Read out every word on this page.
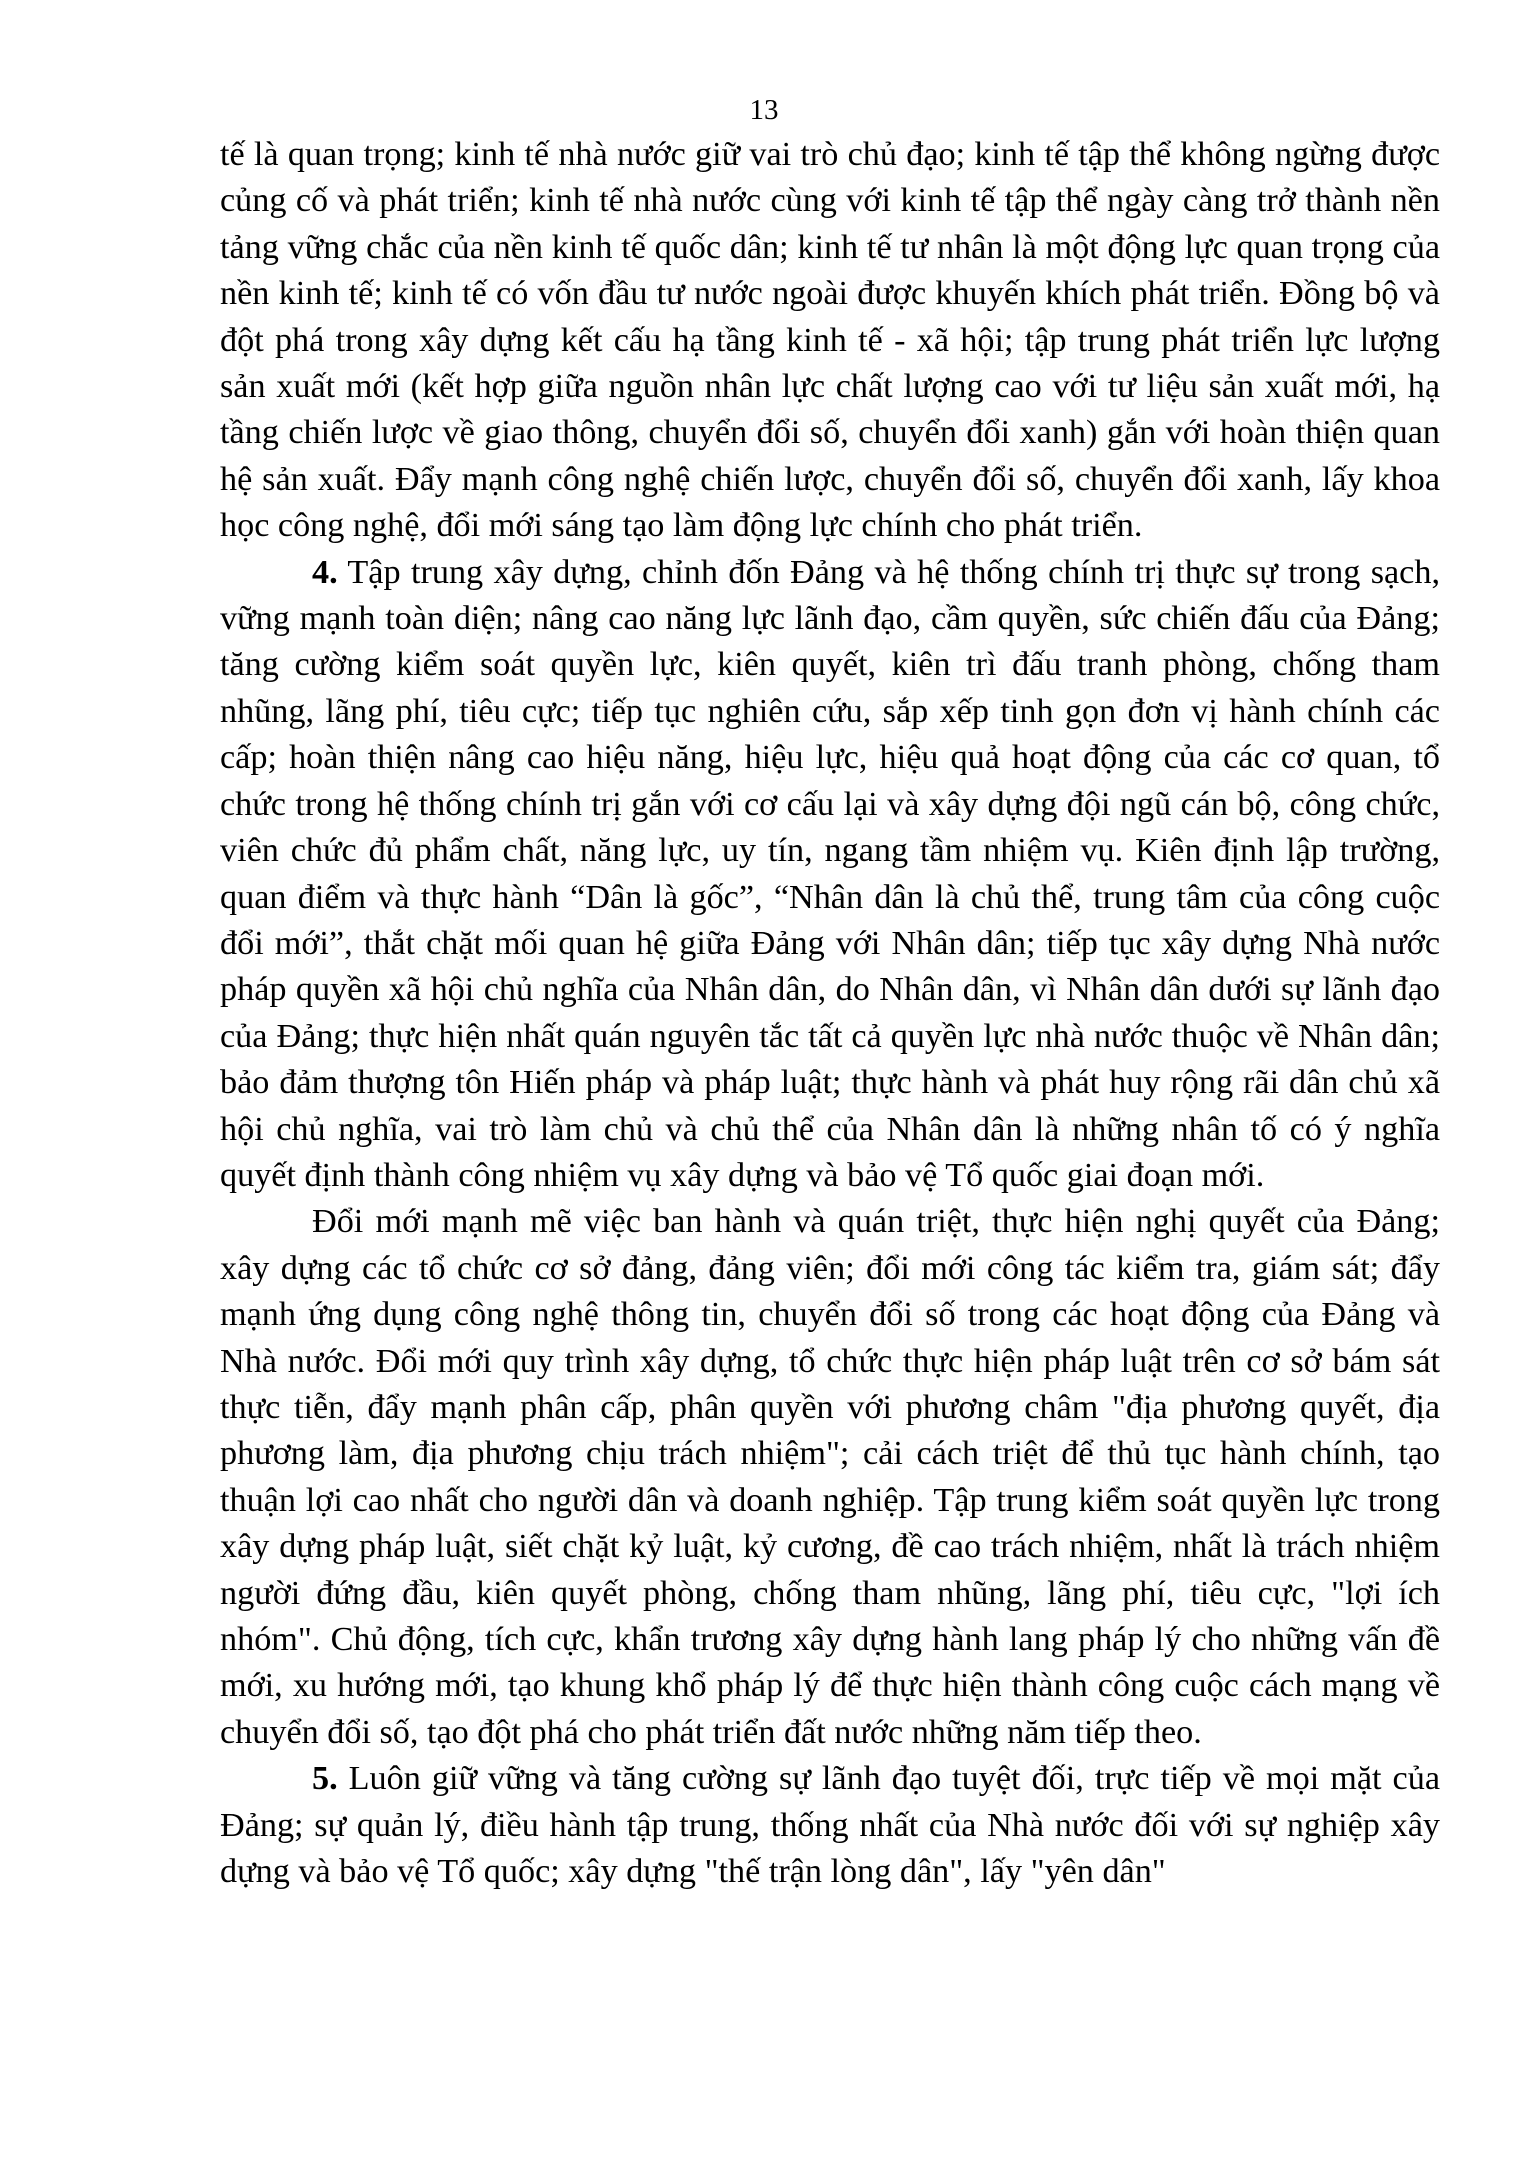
13

tế là quan trọng; kinh tế nhà nước giữ vai trò chủ đạo; kinh tế tập thể không ngừng được củng cố và phát triển; kinh tế nhà nước cùng với kinh tế tập thể ngày càng trở thành nền tảng vững chắc của nền kinh tế quốc dân; kinh tế tư nhân là một động lực quan trọng của nền kinh tế; kinh tế có vốn đầu tư nước ngoài được khuyến khích phát triển. Đồng bộ và đột phá trong xây dựng kết cấu hạ tầng kinh tế - xã hội; tập trung phát triển lực lượng sản xuất mới (kết hợp giữa nguồn nhân lực chất lượng cao với tư liệu sản xuất mới, hạ tầng chiến lược về giao thông, chuyển đổi số, chuyển đổi xanh) gắn với hoàn thiện quan hệ sản xuất. Đẩy mạnh công nghệ chiến lược, chuyển đổi số, chuyển đổi xanh, lấy khoa học công nghệ, đổi mới sáng tạo làm động lực chính cho phát triển.

4. Tập trung xây dựng, chỉnh đốn Đảng và hệ thống chính trị thực sự trong sạch, vững mạnh toàn diện; nâng cao năng lực lãnh đạo, cầm quyền, sức chiến đấu của Đảng; tăng cường kiểm soát quyền lực, kiên quyết, kiên trì đấu tranh phòng, chống tham nhũng, lãng phí, tiêu cực; tiếp tục nghiên cứu, sắp xếp tinh gọn đơn vị hành chính các cấp; hoàn thiện nâng cao hiệu năng, hiệu lực, hiệu quả hoạt động của các cơ quan, tổ chức trong hệ thống chính trị gắn với cơ cấu lại và xây dựng đội ngũ cán bộ, công chức, viên chức đủ phẩm chất, năng lực, uy tín, ngang tầm nhiệm vụ. Kiên định lập trường, quan điểm và thực hành “Dân là gốc”, “Nhân dân là chủ thể, trung tâm của công cuộc đổi mới”, thắt chặt mối quan hệ giữa Đảng với Nhân dân; tiếp tục xây dựng Nhà nước pháp quyền xã hội chủ nghĩa của Nhân dân, do Nhân dân, vì Nhân dân dưới sự lãnh đạo của Đảng; thực hiện nhất quán nguyên tắc tất cả quyền lực nhà nước thuộc về Nhân dân; bảo đảm thượng tôn Hiến pháp và pháp luật; thực hành và phát huy rộng rãi dân chủ xã hội chủ nghĩa, vai trò làm chủ và chủ thể của Nhân dân là những nhân tố có ý nghĩa quyết định thành công nhiệm vụ xây dựng và bảo vệ Tổ quốc giai đoạn mới.

Đổi mới mạnh mẽ việc ban hành và quán triệt, thực hiện nghị quyết của Đảng; xây dựng các tổ chức cơ sở đảng, đảng viên; đổi mới công tác kiểm tra, giám sát; đẩy mạnh ứng dụng công nghệ thông tin, chuyển đổi số trong các hoạt động của Đảng và Nhà nước. Đổi mới quy trình xây dựng, tổ chức thực hiện pháp luật trên cơ sở bám sát thực tiễn, đẩy mạnh phân cấp, phân quyền với phương châm "địa phương quyết, địa phương làm, địa phương chịu trách nhiệm"; cải cách triệt để thủ tục hành chính, tạo thuận lợi cao nhất cho người dân và doanh nghiệp. Tập trung kiểm soát quyền lực trong xây dựng pháp luật, siết chặt kỷ luật, kỷ cương, đề cao trách nhiệm, nhất là trách nhiệm người đứng đầu, kiên quyết phòng, chống tham nhũng, lãng phí, tiêu cực, "lợi ích nhóm". Chủ động, tích cực, khẩn trương xây dựng hành lang pháp lý cho những vấn đề mới, xu hướng mới, tạo khung khổ pháp lý để thực hiện thành công cuộc cách mạng về chuyển đổi số, tạo đột phá cho phát triển đất nước những năm tiếp theo.

5. Luôn giữ vững và tăng cường sự lãnh đạo tuyệt đối, trực tiếp về mọi mặt của Đảng; sự quản lý, điều hành tập trung, thống nhất của Nhà nước đối với sự nghiệp xây dựng và bảo vệ Tổ quốc; xây dựng "thế trận lòng dân", lấy "yên dân"
